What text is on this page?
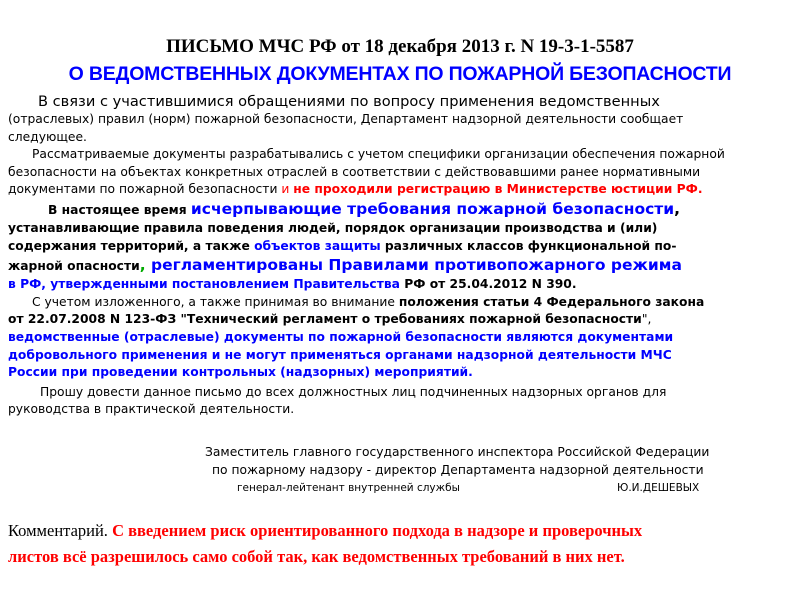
ПИСЬМО МЧС РФ от 18 декабря 2013 г. N 19-3-1-5587
О ВЕДОМСТВЕННЫХ ДОКУМЕНТАХ ПО ПОЖАРНОЙ БЕЗОПАСНОСТИ
В связи с участившимися обращениями по вопросу применения ведомственных
(отраслевых) правил (норм) пожарной безопасности, Департамент надзорной деятельности сообщает
следующее.
Рассматриваемые документы разрабатывались с учетом специфики организации обеспечения пожарной
безопасности на объектах конкретных отраслей в соответствии с действовавшими ранее нормативными
документами по пожарной безопасности и не проходили регистрацию в Министерстве юстиции РФ.
В настоящее время исчерпывающие требования пожарной безопасности,
устанавливающие правила поведения людей, порядок организации производства и (или)
содержания территорий, а также объектов защиты различных классов функциональной по-
жарной опасности, регламентированы Правилами противопожарного режима
в РФ, утвержденными постановлением Правительства РФ от 25.04.2012 N 390.
С учетом изложенного, а также принимая во внимание положения статьи 4 Федерального закона
от 22.07.2008 N 123-ФЗ "Технический регламент о требованиях пожарной безопасности",
ведомственные (отраслевые) документы по пожарной безопасности являются документами
добровольного применения и не могут применяться органами надзорной деятельности МЧС
России при проведении контрольных (надзорных) мероприятий.
Прошу довести данное письмо до всех должностных лиц подчиненных надзорных органов для
руководства в практической деятельности.
Заместитель главного государственного инспектора Российской Федерации
по пожарному надзору - директор Департамента надзорной деятельности
генерал-лейтенант внутренней службы	Ю.И.ДЕШЕВЫХ
Комментарий. С введением риск ориентированного подхода в надзоре и проверочных
листов всё разрешилось само собой так, как ведомственных требований в них нет.
